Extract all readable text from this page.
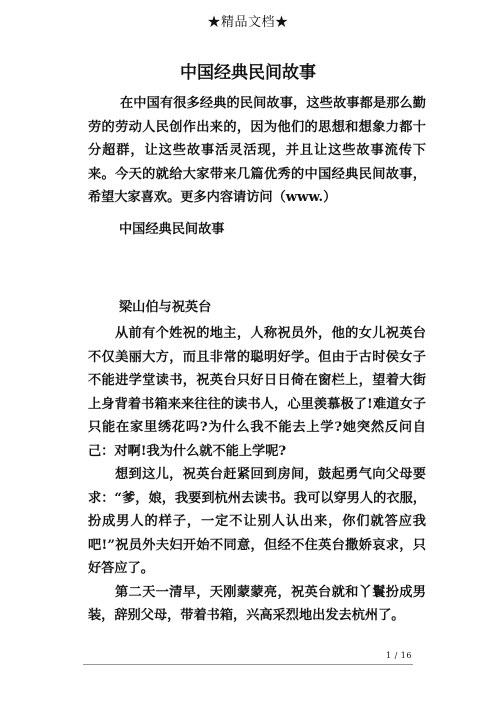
★精品文档★
中国经典民间故事
在中国有很多经典的民间故事，这些故事都是那么勤劳的劳动人民创作出来的，因为他们的思想和想象力都十分超群，让这些故事活灵活现，并且让这些故事流传下来。今天的就给大家带来几篇优秀的中国经典民间故事，希望大家喜欢。更多内容请访问（www.）
中国经典民间故事
梁山伯与祝英台

从前有个姓祝的地主，人称祝员外，他的女儿祝英台不仅美丽大方，而且非常的聪明好学。但由于古时侯女子不能进学堂读书，祝英台只好日日倚在窗栏上，望着大街上身背着书箱来来往往的读书人，心里羡慕极了!难道女子只能在家里绣花吗?为什么我不能去上学?她突然反问自己：对啊!我为什么就不能上学呢?

想到这儿，祝英台赶紧回到房间，鼓起勇气向父母要求：“爹，娘，我要到杭州去读书。我可以穿男人的衣服，扮成男人的样子，一定不让别人认出来，你们就答应我吧!”祝员外夫妇开始不同意，但经不住英台撒娇哀求，只好答应了。

第二天一清早，天刚蒙蒙亮，祝英台就和丫鬟扮成男装，辞别父母，带着书箱，兴高采烈地出发去杭州了。

1 / 16
